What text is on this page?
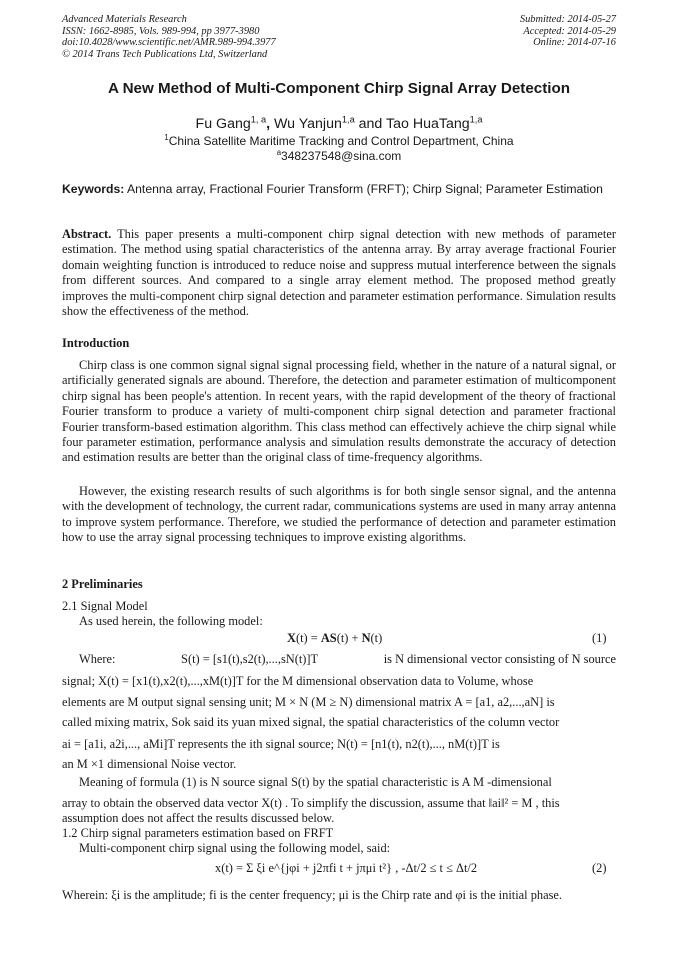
Advanced Materials Research
ISSN: 1662-8985, Vols. 989-994, pp 3977-3980
doi:10.4028/www.scientific.net/AMR.989-994.3977
© 2014 Trans Tech Publications Ltd, Switzerland
Submitted: 2014-05-27
Accepted: 2014-05-29
Online: 2014-07-16
A New Method of Multi-Component Chirp Signal Array Detection
Fu Gang$^{1, a}$, Wu Yanjun$^{1,a}$ and Tao HuaTang$^{1,a}$
$^1$China Satellite Maritime Tracking and Control Department, China
$^a$348237548@sina.com
Keywords: Antenna array, Fractional Fourier Transform (FRFT); Chirp Signal; Parameter Estimation
Abstract. This paper presents a multi-component chirp signal detection with new methods of parameter estimation. The method using spatial characteristics of the antenna array. By array average fractional Fourier domain weighting function is introduced to reduce noise and suppress mutual interference between the signals from different sources. And compared to a single array element method. The proposed method greatly improves the multi-component chirp signal detection and parameter estimation performance. Simulation results show the effectiveness of the method.
Introduction
Chirp class is one common signal signal signal processing field, whether in the nature of a natural signal, or artificially generated signals are abound. Therefore, the detection and parameter estimation of multicomponent chirp signal has been people's attention. In recent years, with the rapid development of the theory of fractional Fourier transform to produce a variety of multi-component chirp signal detection and parameter fractional Fourier transform-based estimation algorithm. This class method can effectively achieve the chirp signal while four parameter estimation, performance analysis and simulation results demonstrate the accuracy of detection and estimation results are better than the original class of time-frequency algorithms.
However, the existing research results of such algorithms is for both single sensor signal, and the antenna with the development of technology, the current radar, communications systems are used in many array antenna to improve system performance. Therefore, we studied the performance of detection and parameter estimation how to use the array signal processing techniques to improve existing algorithms.
2 Preliminaries
2.1 Signal Model
As used herein, the following model:
X(t) = AS(t) + N(t)	(1)
Where:	S(t) = [s1(t),s2(t),...,sN(t)]T	is N dimensional vector consisting of N source
signal; X(t) = [x1(t),x2(t),...,xM(t)]T for the M dimensional observation data to Volume, whose
elements are M output signal sensing unit; M × N (M ≥ N) dimensional matrix A = [a1, a2,...,aN] is
called mixing matrix, Sok said its yuan mixed signal, the spatial characteristics of the column vector
ai = [a1i, a2i,..., aMi]T represents the ith signal source; N(t) = [n1(t), n2(t),..., nM(t)]T is
an M ×1 dimensional Noise vector.
Meaning of formula (1) is N source signal S(t) by the spatial characteristic is A M -dimensional
array to obtain the observed data vector X(t) . To simplify the discussion, assume that ‖ai‖² = M , this
assumption does not affect the results discussed below.
1.2 Chirp signal parameters estimation based on FRFT
Multi-component chirp signal using the following model, said:
x(t) = Σ ξi e^{jφi + j2πfi t + jπμi t²} , -Δt/2 ≤ t ≤ Δt/2	(2)
Wherein: ξi is the amplitude; fi is the center frequency; μi is the Chirp rate and φi is the initial phase.
